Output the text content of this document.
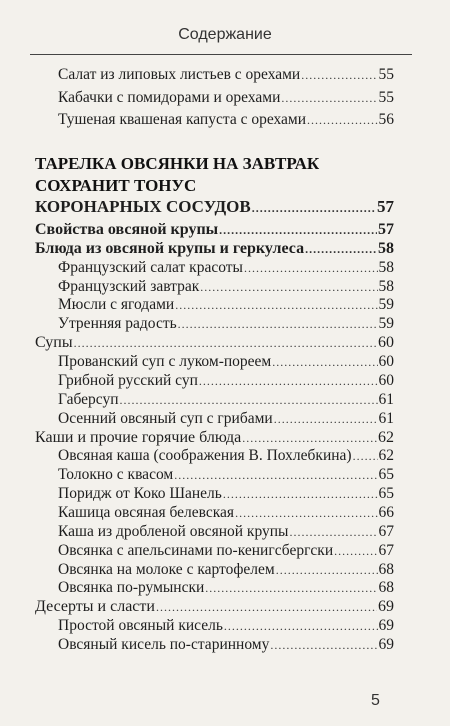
Содержание
Салат из липовых листьев с орехами .....	55
Кабачки с помидорами и орехами .....	55
Тушеная квашеная капуста с орехами .....	56
ТАРЕЛКА ОВСЯНКИ НА ЗАВТРАК
СОХРАНИТ ТОНУС
КОРОНАРНЫХ СОСУДОВ .....	57
Свойства овсяной крупы .....	57
Блюда из овсяной крупы и геркулеса .....	58
Французский салат красоты .....	58
Французский завтрак .....	58
Мюсли с ягодами .....	59
Утренняя радость .....	59
Супы .....	60
Прованский суп с луком-пореем .....	60
Грибной русский суп .....	60
Габерсуп .....	61
Осенний овсяный суп с грибами .....	61
Каши и прочие горячие блюда .....	62
Овсяная каша (соображения В. Похлебкина) ..... 62
Толокно с квасом .....	65
Поридж от Коко Шанель .....	65
Кашица овсяная белевская .....	66
Каша из дробленой овсяной крупы .....	67
Овсянка с апельсинами по-кенигсбергски .....	67
Овсянка на молоке с картофелем .....	68
Овсянка по-румынски .....	68
Десерты и сласти .....	69
Простой овсяный кисель .....	69
Овсяный кисель по-старинному .....	69
5
